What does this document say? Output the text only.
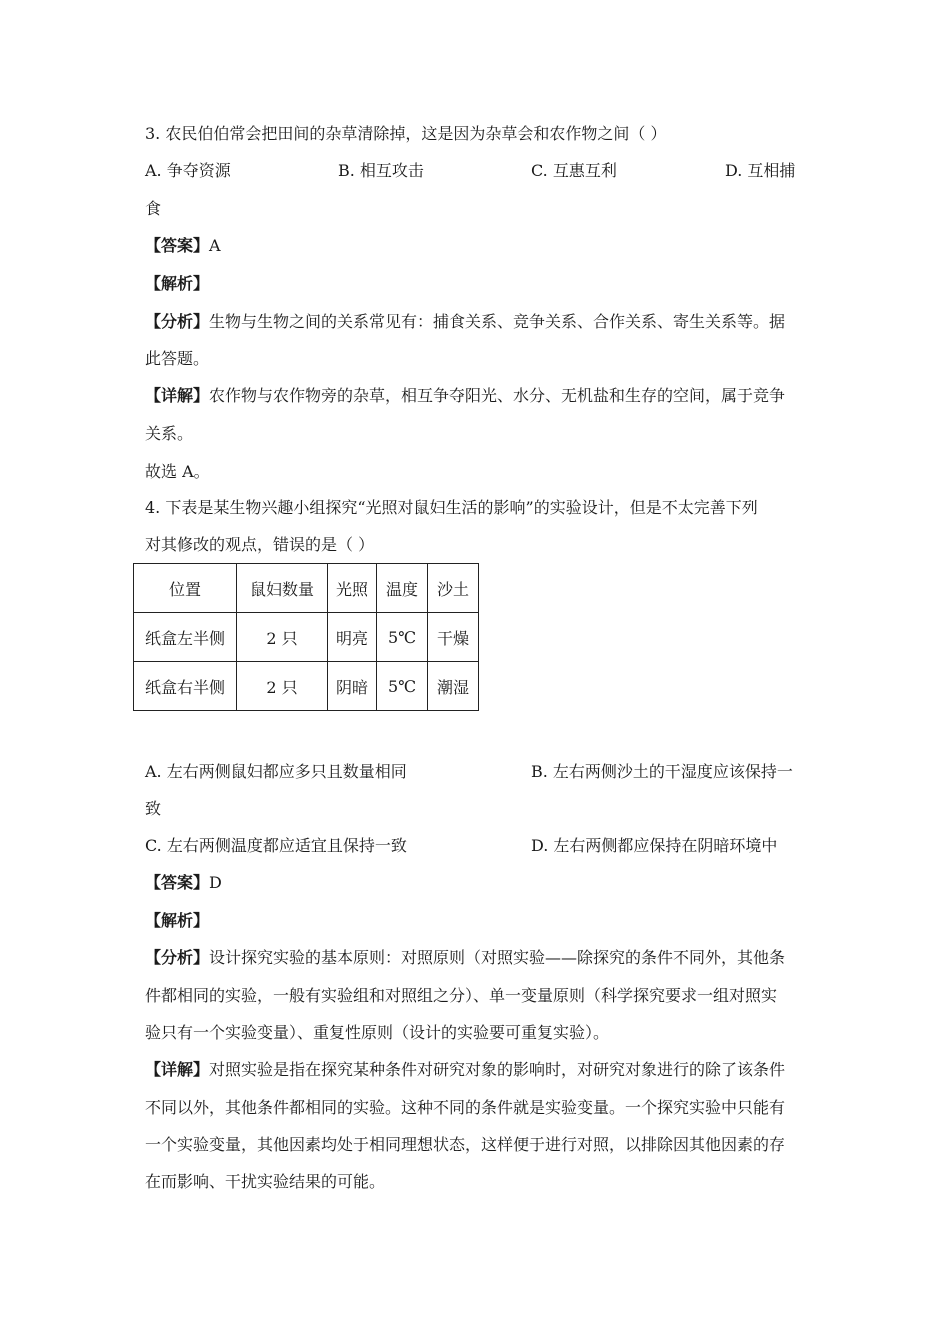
3. 农民伯伯常会把田间的杂草清除掉，这是因为杂草会和农作物之间（ ）
A. 争夺资源	B. 相互攻击	C. 互惠互利	D. 互相捕
食
【答案】A
【解析】
【分析】生物与生物之间的关系常见有：捕食关系、竞争关系、合作关系、寄生关系等。据
此答题。
【详解】农作物与农作物旁的杂草，相互争夺阳光、水分、无机盐和生存的空间，属于竞争
关系。
故选 A。
4. 下表是某生物兴趣小组探究“光照对鼠妇生活的影响”的实验设计，但是不太完善下列
对其修改的观点，错误的是（ ）
位置	鼠妇数量	光照	温度	沙土
纸盒左半侧	2 只	明亮	5℃	干燥
纸盒右半侧	2 只	阴暗	5℃	潮湿
A. 左右两侧鼠妇都应多只且数量相同	B. 左右两侧沙土的干湿度应该保持一
致
C. 左右两侧温度都应适宜且保持一致	D. 左右两侧都应保持在阴暗环境中
【答案】D
【解析】
【分析】设计探究实验的基本原则：对照原则（对照实验——除探究的条件不同外，其他条
件都相同的实验，一般有实验组和对照组之分）、单一变量原则（科学探究要求一组对照实
验只有一个实验变量）、重复性原则（设计的实验要可重复实验）。
【详解】对照实验是指在探究某种条件对研究对象的影响时，对研究对象进行的除了该条件
不同以外，其他条件都相同的实验。这种不同的条件就是实验变量。一个探究实验中只能有
一个实验变量，其他因素均处于相同理想状态，这样便于进行对照，以排除因其他因素的存
在而影响、干扰实验结果的可能。
